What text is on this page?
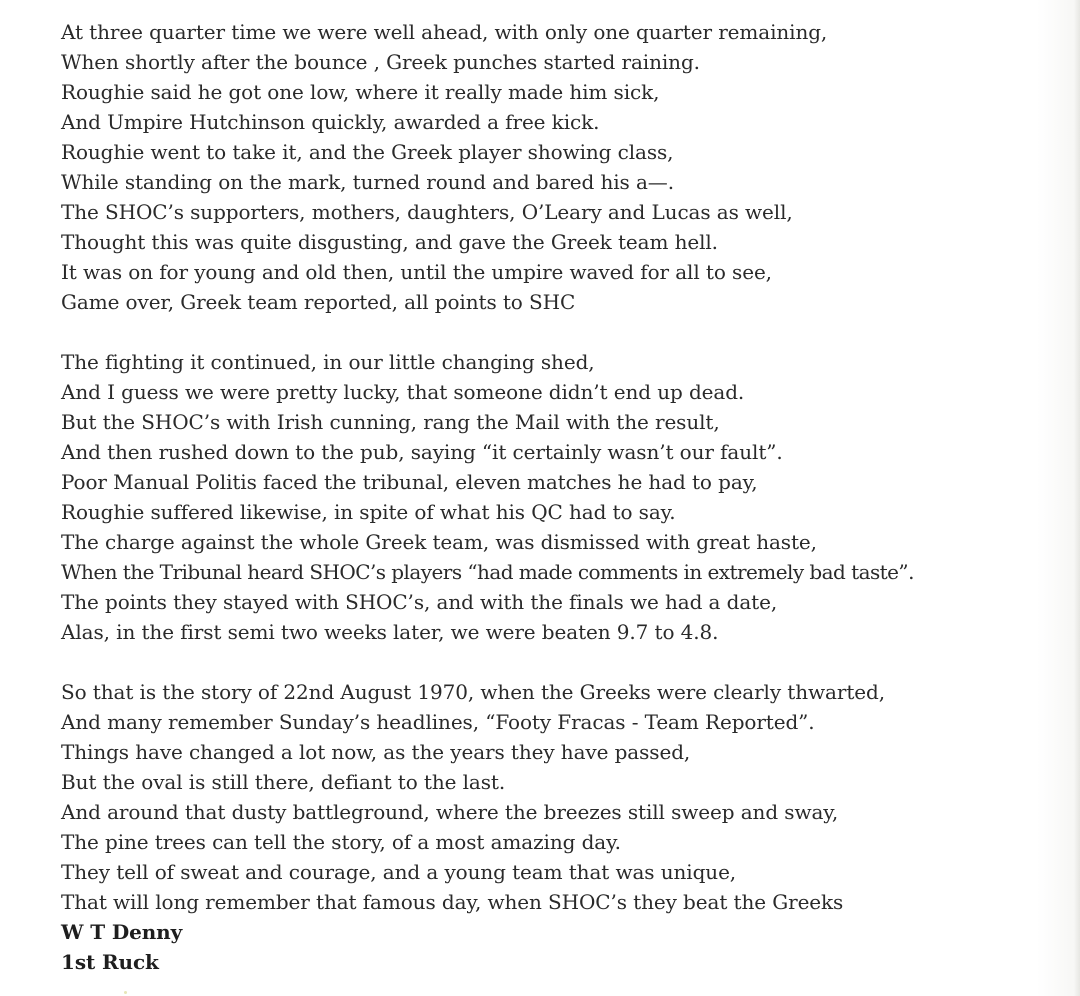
At three quarter time we were well ahead, with only one quarter remaining,
When shortly after the bounce , Greek punches started raining.
Roughie said he got one low, where it really made him sick,
And Umpire Hutchinson quickly, awarded a free kick.
Roughie went to take it, and the Greek player showing class,
While standing on the mark, turned round and bared his a—.
The SHOC’s supporters, mothers, daughters, O’Leary and Lucas as well,
Thought this was quite disgusting, and gave the Greek team hell.
It was on for young and old then, until the umpire waved for all to see,
Game over, Greek team reported, all points to SHC
The fighting it continued, in our little changing shed,
And I guess we were pretty lucky, that someone didn’t end up dead.
But the SHOC’s with Irish cunning, rang the Mail with the result,
And then rushed down to the pub, saying “it certainly wasn’t our fault”.
Poor Manual Politis faced the tribunal, eleven matches he had to pay,
Roughie suffered likewise, in spite of what his QC had to say.
The charge against the whole Greek team, was dismissed with great haste,
When the Tribunal heard SHOC’s players “had made comments in extremely bad taste”.
The points they stayed with SHOC’s, and with the finals we had a date,
Alas, in the first semi two weeks later, we were beaten 9.7 to 4.8.
So that is the story of 22nd August 1970, when the Greeks were clearly thwarted,
And many remember Sunday’s headlines, “Footy Fracas - Team Reported”.
Things have changed a lot now, as the years they have passed,
But the oval is still there, defiant to the last.
And around that dusty battleground, where the breezes still sweep and sway,
The pine trees can tell the story, of a most amazing day.
They tell of sweat and courage, and a young team that was unique,
That will long remember that famous day, when SHOC’s they beat the Greeks
W T Denny
1st Ruck
